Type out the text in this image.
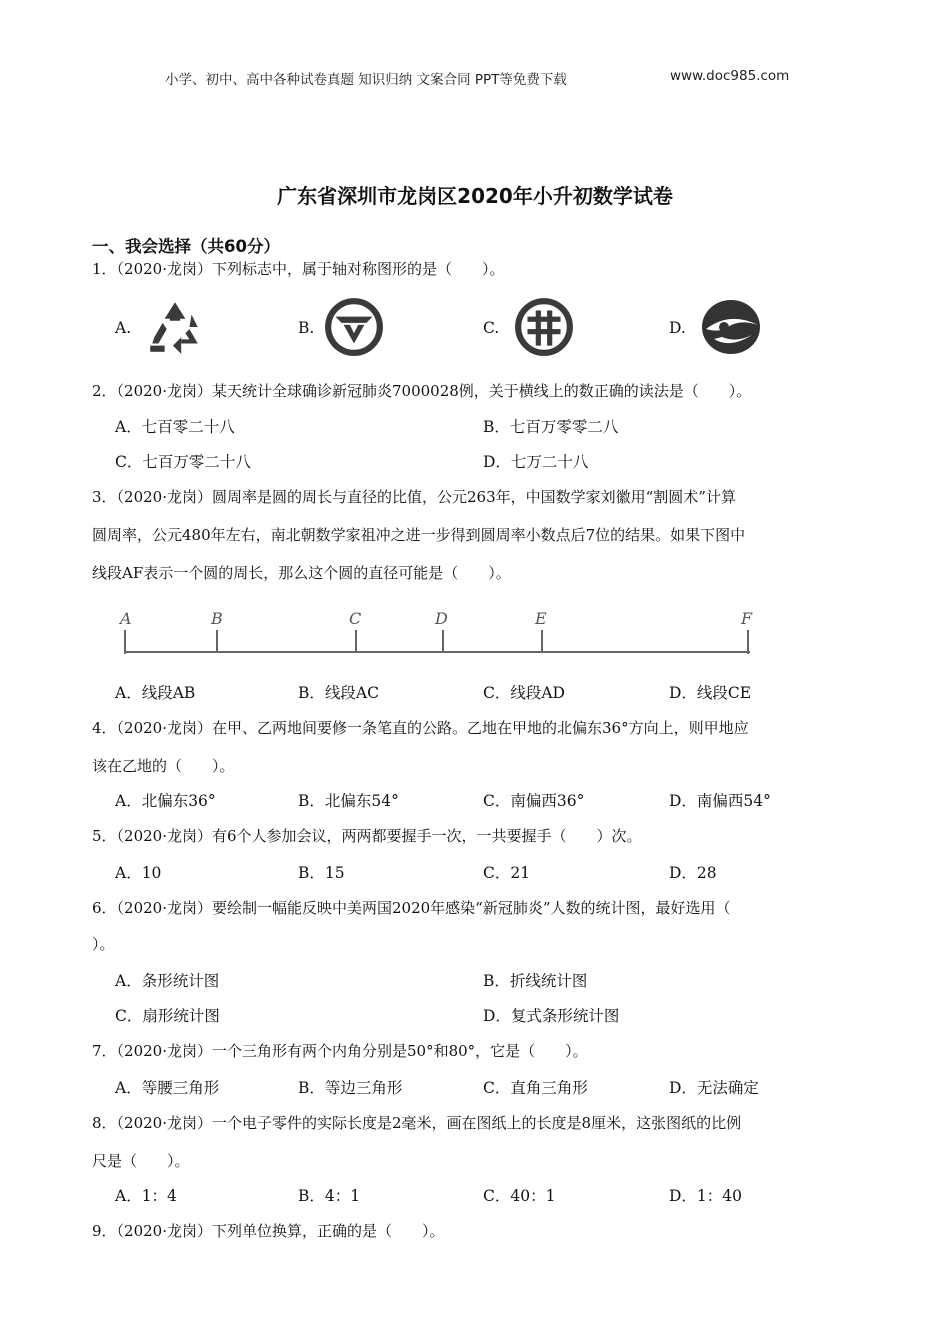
小学、初中、高中各种试卷真题 知识归纳 文案合同 PPT等免费下载	www.doc985.com
广东省深圳市龙岗区2020年小升初数学试卷
一、我会选择（共60分）
1．（2020·龙岗）下列标志中，属于轴对称图形的是（　　）。
A.	B.	C.	D.
2．（2020·龙岗）某天统计全球确诊新冠肺炎7000028例，关于横线上的数正确的读法是（　　）。
A．七百零二十八	B．七百万零零二八
C．七百万零二十八	D．七万二十八
3．（2020·龙岗）圆周率是圆的周长与直径的比值，公元263年，中国数学家刘徽用“割圆术”计算
圆周率，公元480年左右，南北朝数学家祖冲之进一步得到圆周率小数点后7位的结果。如果下图中
线段AF表示一个圆的周长，那么这个圆的直径可能是（　　）。
A	B	C	D	E	F
A．线段AB	B．线段AC	C．线段AD	D．线段CE
4．（2020·龙岗）在甲、乙两地间要修一条笔直的公路。乙地在甲地的北偏东36°方向上，则甲地应
该在乙地的（　　）。
A．北偏东36°	B．北偏东54°	C．南偏西36°	D．南偏西54°
5．（2020·龙岗）有6个人参加会议，两两都要握手一次，一共要握手（　　）次。
A．10	B．15	C．21	D．28
6．（2020·龙岗）要绘制一幅能反映中美两国2020年感染“新冠肺炎”人数的统计图，最好选用（
）。
A．条形统计图	B．折线统计图
C．扇形统计图	D．复式条形统计图
7．（2020·龙岗）一个三角形有两个内角分别是50°和80°，它是（　　）。
A．等腰三角形	B．等边三角形	C．直角三角形	D．无法确定
8．（2020·龙岗）一个电子零件的实际长度是2毫米，画在图纸上的长度是8厘米，这张图纸的比例
尺是（　　）。
A．1：4	B．4：1	C．40：1	D．1：40
9．（2020·龙岗）下列单位换算，正确的是（　　）。
